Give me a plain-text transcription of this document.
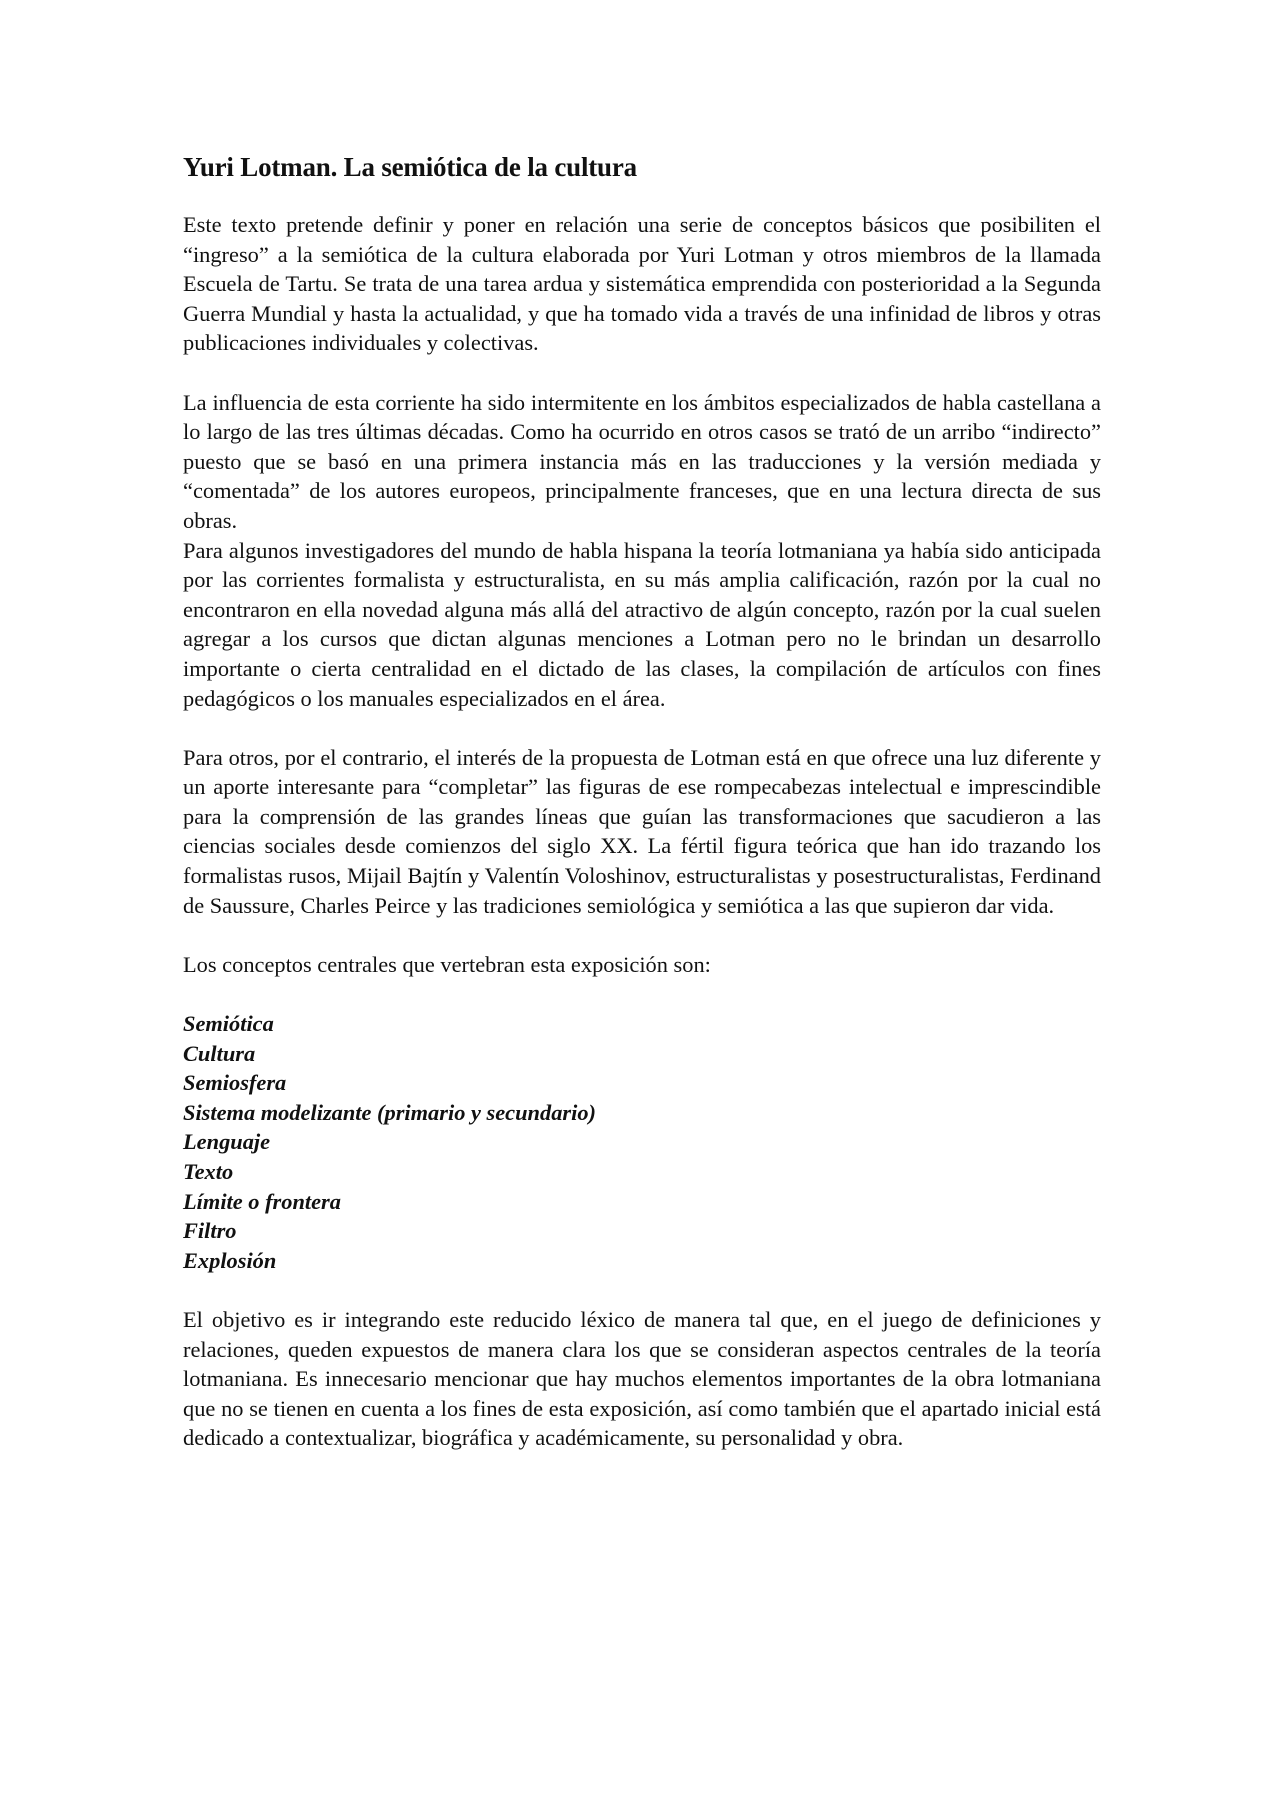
Yuri Lotman. La semiótica de la cultura

Este texto pretende definir y poner en relación una serie de conceptos básicos que posibiliten el “ingreso” a la semiótica de la cultura elaborada por Yuri Lotman y otros miembros de la llamada Escuela de Tartu. Se trata de una tarea ardua y sistemática emprendida con posterioridad a la Segunda Guerra Mundial y hasta la actualidad, y que ha tomado vida a través de una infinidad de libros y otras publicaciones individuales y colectivas.

La influencia de esta corriente ha sido intermitente en los ámbitos especializados de habla castellana a lo largo de las tres últimas décadas. Como ha ocurrido en otros casos se trató de un arribo “indirecto” puesto que se basó en una primera instancia más en las traducciones y la versión mediada y “comentada” de los autores europeos, principalmente franceses, que en una lectura directa de sus obras.

Para algunos investigadores del mundo de habla hispana la teoría lotmaniana ya había sido anticipada por las corrientes formalista y estructuralista, en su más amplia calificación, razón por la cual no encontraron en ella novedad alguna más allá del atractivo de algún concepto, razón por la cual suelen agregar a los cursos que dictan algunas menciones a Lotman pero no le brindan un desarrollo importante o cierta centralidad en el dictado de las clases, la compilación de artículos con fines pedagógicos o los manuales especializados en el área.

Para otros, por el contrario, el interés de la propuesta de Lotman está en que ofrece una luz diferente y un aporte interesante para “completar” las figuras de ese rompecabezas intelectual e imprescindible para la comprensión de las grandes líneas que guían las transformaciones que sacudieron a las ciencias sociales desde comienzos del siglo XX. La fértil figura teórica que han ido trazando los formalistas rusos, Mijail Bajtín y Valentín Voloshinov, estructuralistas y posestructuralistas, Ferdinand de Saussure, Charles Peirce y las tradiciones semiológica y semiótica a las que supieron dar vida.

Los conceptos centrales que vertebran esta exposición son:

Semiótica
Cultura
Semiosfera
Sistema modelizante (primario y secundario)
Lenguaje
Texto
Límite o frontera
Filtro
Explosión

El objetivo es ir integrando este reducido léxico de manera tal que, en el juego de definiciones y relaciones, queden expuestos de manera clara los que se consideran aspectos centrales de la teoría lotmaniana. Es innecesario mencionar que hay muchos elementos importantes de la obra lotmaniana que no se tienen en cuenta a los fines de esta exposición, así como también que el apartado inicial está dedicado a contextualizar, biográfica y académicamente, su personalidad y obra.
